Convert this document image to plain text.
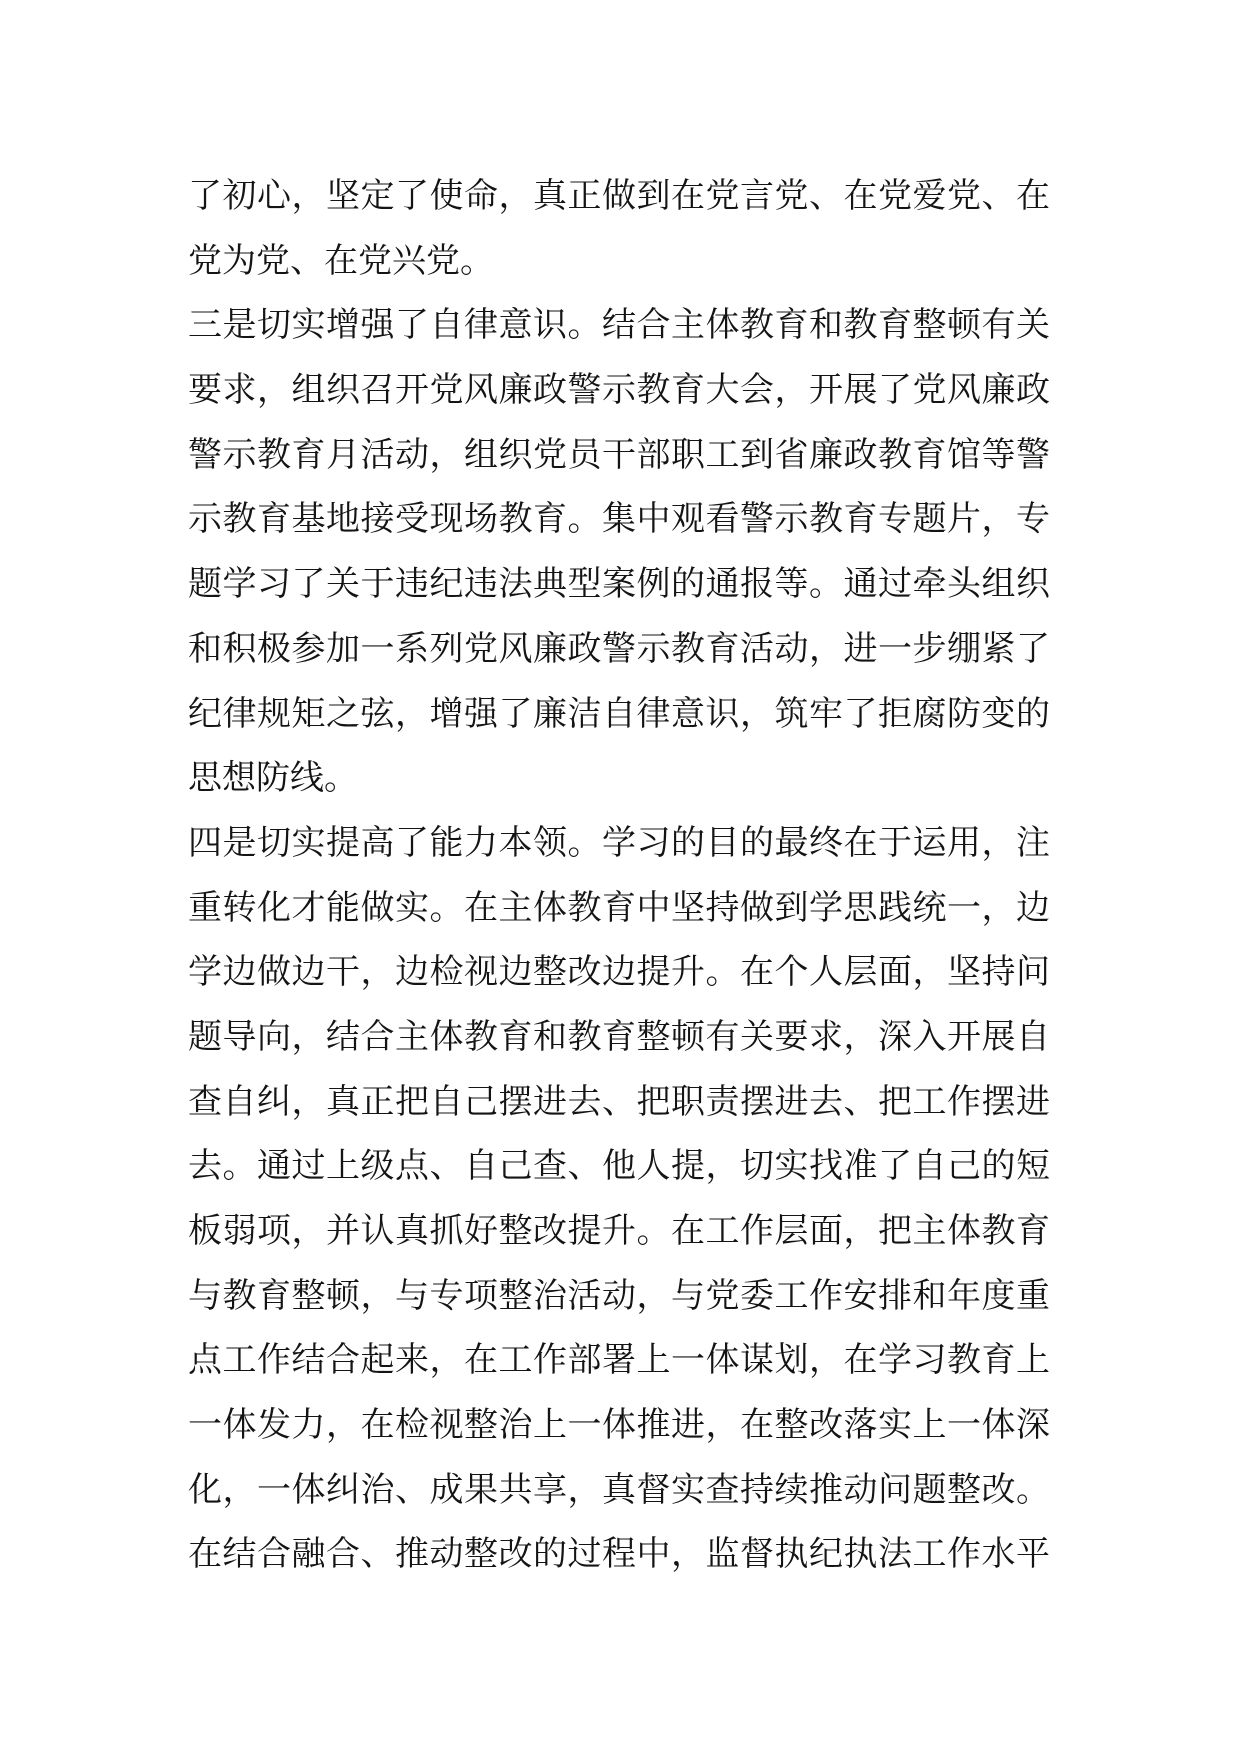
了初心，坚定了使命，真正做到在党言党、在党爱党、在
党为党、在党兴党。
三是切实增强了自律意识。结合主体教育和教育整顿有关
要求，组织召开党风廉政警示教育大会，开展了党风廉政
警示教育月活动，组织党员干部职工到省廉政教育馆等警
示教育基地接受现场教育。集中观看警示教育专题片，专
题学习了关于违纪违法典型案例的通报等。通过牵头组织
和积极参加一系列党风廉政警示教育活动，进一步绷紧了
纪律规矩之弦，增强了廉洁自律意识，筑牢了拒腐防变的
思想防线。
四是切实提高了能力本领。学习的目的最终在于运用，注
重转化才能做实。在主体教育中坚持做到学思践统一，边
学边做边干，边检视边整改边提升。在个人层面，坚持问
题导向，结合主体教育和教育整顿有关要求，深入开展自
查自纠，真正把自己摆进去、把职责摆进去、把工作摆进
去。通过上级点、自己查、他人提，切实找准了自己的短
板弱项，并认真抓好整改提升。在工作层面，把主体教育
与教育整顿，与专项整治活动，与党委工作安排和年度重
点工作结合起来，在工作部署上一体谋划，在学习教育上
一体发力，在检视整治上一体推进，在整改落实上一体深
化，一体纠治、成果共享，真督实查持续推动问题整改。
在结合融合、推动整改的过程中，监督执纪执法工作水平
